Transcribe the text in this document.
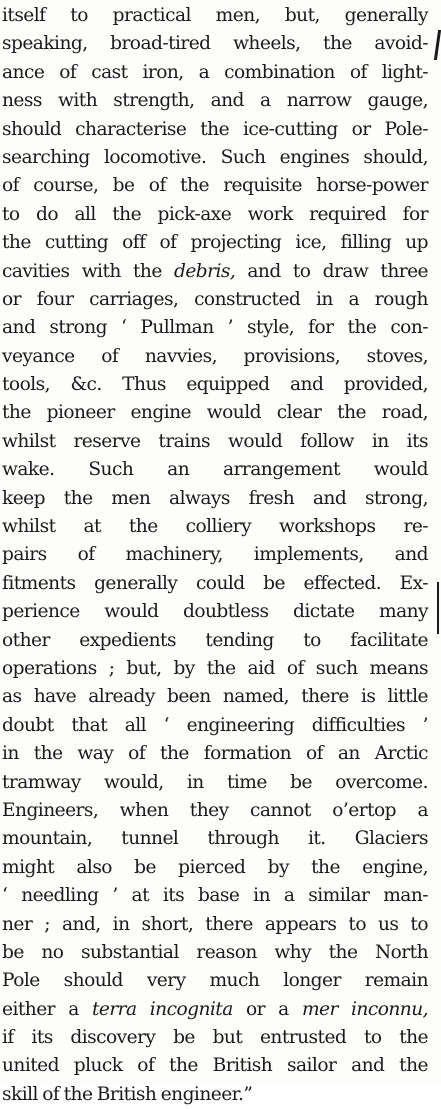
itself to practical men, but, generally
speaking, broad-tired wheels, the avoid-
ance of cast iron, a combination of light-
ness with strength, and a narrow gauge,
should characterise the ice-cutting or Pole-
searching locomotive. Such engines should,
of course, be of the requisite horse-power
to do all the pick-axe work required for
the cutting off of projecting ice, filling up
cavities with the debris, and to draw three
or four carriages, constructed in a rough
and strong ‘ Pullman ’ style, for the con-
veyance of navvies, provisions, stoves,
tools, &c. Thus equipped and provided,
the pioneer engine would clear the road,
whilst reserve trains would follow in its
wake. Such an arrangement would
keep the men always fresh and strong,
whilst at the colliery workshops re-
pairs of machinery, implements, and
fitments generally could be effected. Ex-
perience would doubtless dictate many
other expedients tending to facilitate
operations ; but, by the aid of such means
as have already been named, there is little
doubt that all ‘ engineering difficulties ’
in the way of the formation of an Arctic
tramway would, in time be overcome.
Engineers, when they cannot o’ertop a
mountain, tunnel through it. Glaciers
might also be pierced by the engine,
‘ needling ’ at its base in a similar man-
ner ; and, in short, there appears to us to
be no substantial reason why the North
Pole should very much longer remain
either a terra incognita or a mer inconnu,
if its discovery be but entrusted to the
united pluck of the British sailor and the
skill of the British engineer.”
